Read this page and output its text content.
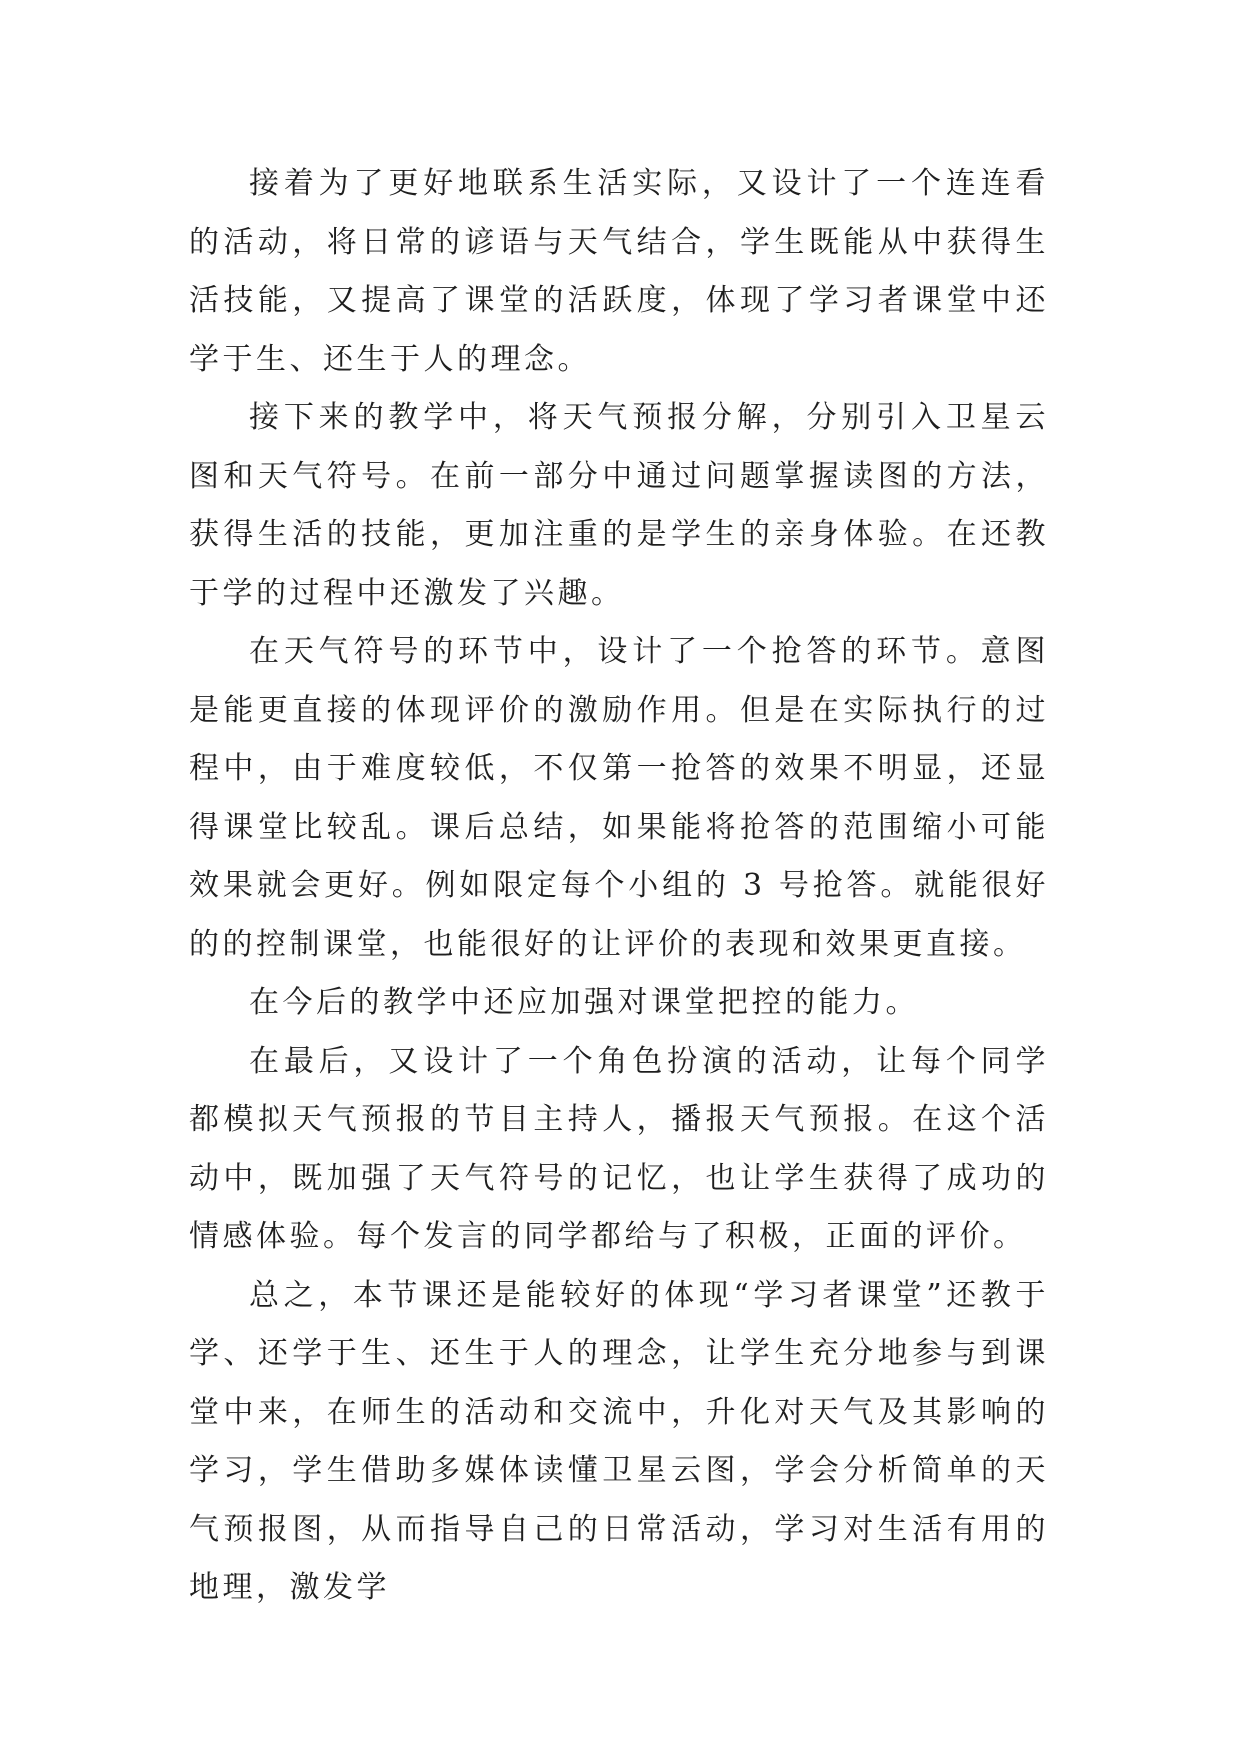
接着为了更好地联系生活实际，又设计了一个连连看的活动，将日常的谚语与天气结合，学生既能从中获得生活技能，又提高了课堂的活跃度，体现了学习者课堂中还学于生、还生于人的理念。

接下来的教学中，将天气预报分解，分别引入卫星云图和天气符号。在前一部分中通过问题掌握读图的方法，获得生活的技能，更加注重的是学生的亲身体验。在还教于学的过程中还激发了兴趣。

在天气符号的环节中，设计了一个抢答的环节。意图是能更直接的体现评价的激励作用。但是在实际执行的过程中，由于难度较低，不仅第一抢答的效果不明显，还显得课堂比较乱。课后总结，如果能将抢答的范围缩小可能效果就会更好。例如限定每个小组的 3 号抢答。就能很好的的控制课堂，也能很好的让评价的表现和效果更直接。

在今后的教学中还应加强对课堂把控的能力。

在最后，又设计了一个角色扮演的活动，让每个同学都模拟天气预报的节目主持人，播报天气预报。在这个活动中，既加强了天气符号的记忆，也让学生获得了成功的情感体验。每个发言的同学都给与了积极，正面的评价。

总之，本节课还是能较好的体现“学习者课堂”还教于学、还学于生、还生于人的理念，让学生充分地参与到课堂中来，在师生的活动和交流中，升化对天气及其影响的学习，学生借助多媒体读懂卫星云图，学会分析简单的天气预报图，从而指导自己的日常活动，学习对生活有用的地理，激发学
